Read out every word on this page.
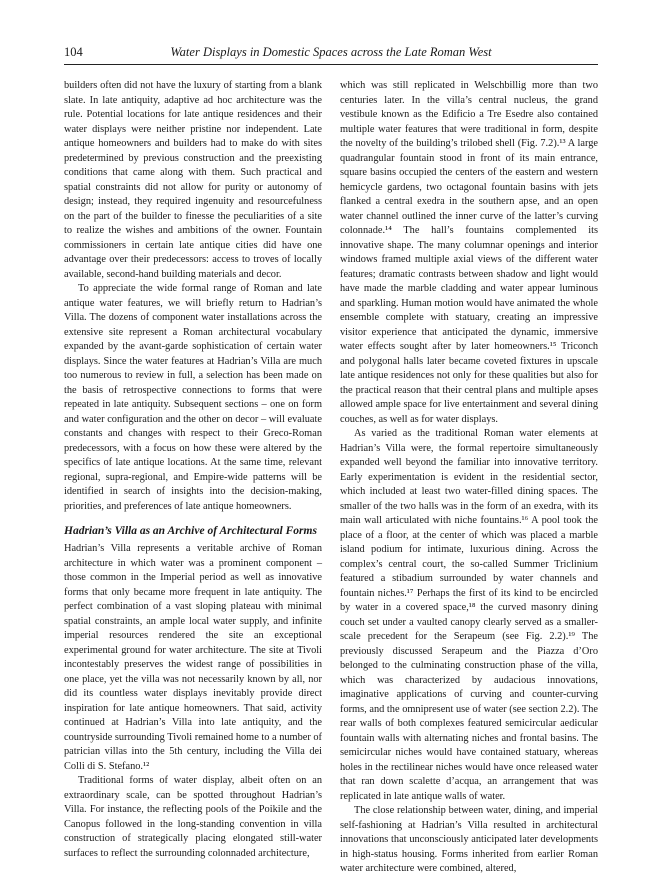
104	Water Displays in Domestic Spaces across the Late Roman West

builders often did not have the luxury of starting from a blank slate. In late antiquity, adaptive ad hoc architecture was the rule. Potential locations for late antique residences and their water displays were neither pristine nor independent. Late antique homeowners and builders had to make do with sites predetermined by previous construction and the preexisting conditions that came along with them. Such practical and spatial constraints did not allow for purity or autonomy of design; instead, they required ingenuity and resourcefulness on the part of the builder to finesse the peculiarities of a site to realize the wishes and ambitions of the owner. Fountain commissioners in certain late antique cities did have one advantage over their predecessors: access to troves of locally available, second-hand building materials and decor.

To appreciate the wide formal range of Roman and late antique water features, we will briefly return to Hadrian’s Villa. The dozens of component water installations across the extensive site represent a Roman architectural vocabulary expanded by the avant-garde sophistication of certain water displays. Since the water features at Hadrian’s Villa are much too numerous to review in full, a selection has been made on the basis of retrospective connections to forms that were repeated in late antiquity. Subsequent sections – one on form and water configuration and the other on decor – will evaluate constants and changes with respect to their Greco-Roman predecessors, with a focus on how these were altered by the specifics of late antique locations. At the same time, relevant regional, supra-regional, and Empire-wide patterns will be identified in search of insights into the decision-making, priorities, and preferences of late antique homeowners.

Hadrian’s Villa as an Archive of Architectural Forms

Hadrian’s Villa represents a veritable archive of Roman architecture in which water was a prominent component – those common in the Imperial period as well as innovative forms that only became more frequent in late antiquity. The perfect combination of a vast sloping plateau with minimal spatial constraints, an ample local water supply, and infinite imperial resources rendered the site an exceptional experimental ground for water architecture. The site at Tivoli incontestably preserves the widest range of possibilities in one place, yet the villa was not necessarily known by all, nor did its countless water displays inevitably provide direct inspiration for late antique homeowners. That said, activity continued at Hadrian’s Villa into late antiquity, and the countryside surrounding Tivoli remained home to a number of patrician villas into the 5th century, including the Villa dei Colli di S. Stefano.¹²

Traditional forms of water display, albeit often on an extraordinary scale, can be spotted throughout Hadrian’s Villa. For instance, the reflecting pools of the Poikile and the Canopus followed in the long-standing convention in villa construction of strategically placing elongated still-water surfaces to reflect the surrounding colonnaded architecture,

which was still replicated in Welschbillig more than two centuries later. In the villa’s central nucleus, the grand vestibule known as the Edificio a Tre Esedre also contained multiple water features that were traditional in form, despite the novelty of the building’s trilobed shell (Fig. 7.2).¹³ A large quadrangular fountain stood in front of its main entrance, square basins occupied the centers of the eastern and western hemicycle gardens, two octagonal fountain basins with jets flanked a central exedra in the southern apse, and an open water channel outlined the inner curve of the latter’s curving colonnade.¹⁴ The hall’s fountains complemented its innovative shape. The many columnar openings and interior windows framed multiple axial views of the different water features; dramatic contrasts between shadow and light would have made the marble cladding and water appear luminous and sparkling. Human motion would have animated the whole ensemble complete with statuary, creating an impressive visitor experience that anticipated the dynamic, immersive water effects sought after by later homeowners.¹⁵ Triconch and polygonal halls later became coveted fixtures in upscale late antique residences not only for these qualities but also for the practical reason that their central plans and multiple apses allowed ample space for live entertainment and several dining couches, as well as for water displays.

As varied as the traditional Roman water elements at Hadrian’s Villa were, the formal repertoire simultaneously expanded well beyond the familiar into innovative territory. Early experimentation is evident in the residential sector, which included at least two water-filled dining spaces. The smaller of the two halls was in the form of an exedra, with its main wall articulated with niche fountains.¹⁶ A pool took the place of a floor, at the center of which was placed a marble island podium for intimate, luxurious dining. Across the complex’s central court, the so-called Summer Triclinium featured a stibadium surrounded by water channels and fountain niches.¹⁷ Perhaps the first of its kind to be encircled by water in a covered space,¹⁸ the curved masonry dining couch set under a vaulted canopy clearly served as a smaller-scale precedent for the Serapeum (see Fig. 2.2).¹⁹ The previously discussed Serapeum and the Piazza d’Oro belonged to the culminating construction phase of the villa, which was characterized by audacious innovations, imaginative applications of curving and counter-curving forms, and the omnipresent use of water (see section 2.2). The rear walls of both complexes featured semicircular aedicular fountain walls with alternating niches and frontal basins. The semicircular niches would have contained statuary, whereas holes in the rectilinear niches would have once released water that ran down scalette d’acqua, an arrangement that was replicated in late antique walls of water.

The close relationship between water, dining, and imperial self-fashioning at Hadrian’s Villa resulted in architectural innovations that unconsciously anticipated later developments in high-status housing. Forms inherited from earlier Roman water architecture were combined, altered,
